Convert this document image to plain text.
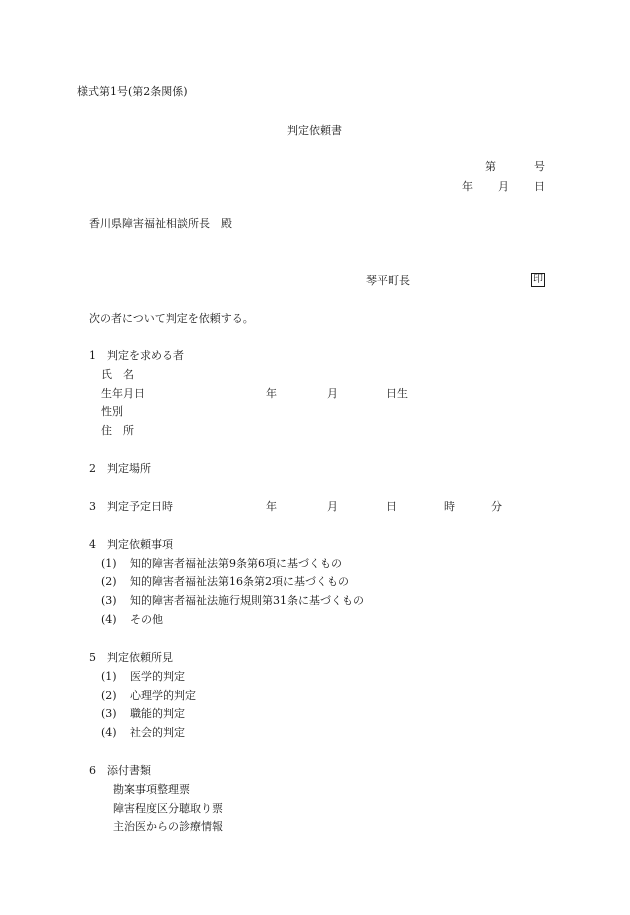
様式第1号(第2条関係)
判定依頼書
第	号
年 月 日
香川県障害福祉相談所長　殿
琴平町長	印
次の者について判定を依頼する。
1　判定を求める者
氏　名
生年月日	年	月	日生
性別
住　所
2　判定場所
3　判定予定日時	年	月	日	時	分
4　判定依頼事項
(1) 知的障害者福祉法第9条第6項に基づくもの
(2) 知的障害者福祉法第16条第2項に基づくもの
(3) 知的障害者福祉法施行規則第31条に基づくもの
(4) その他
5　判定依頼所見
(1) 医学的判定
(2) 心理学的判定
(3) 職能的判定
(4) 社会的判定
6　添付書類
勘案事項整理票
障害程度区分聴取り票
主治医からの診療情報
